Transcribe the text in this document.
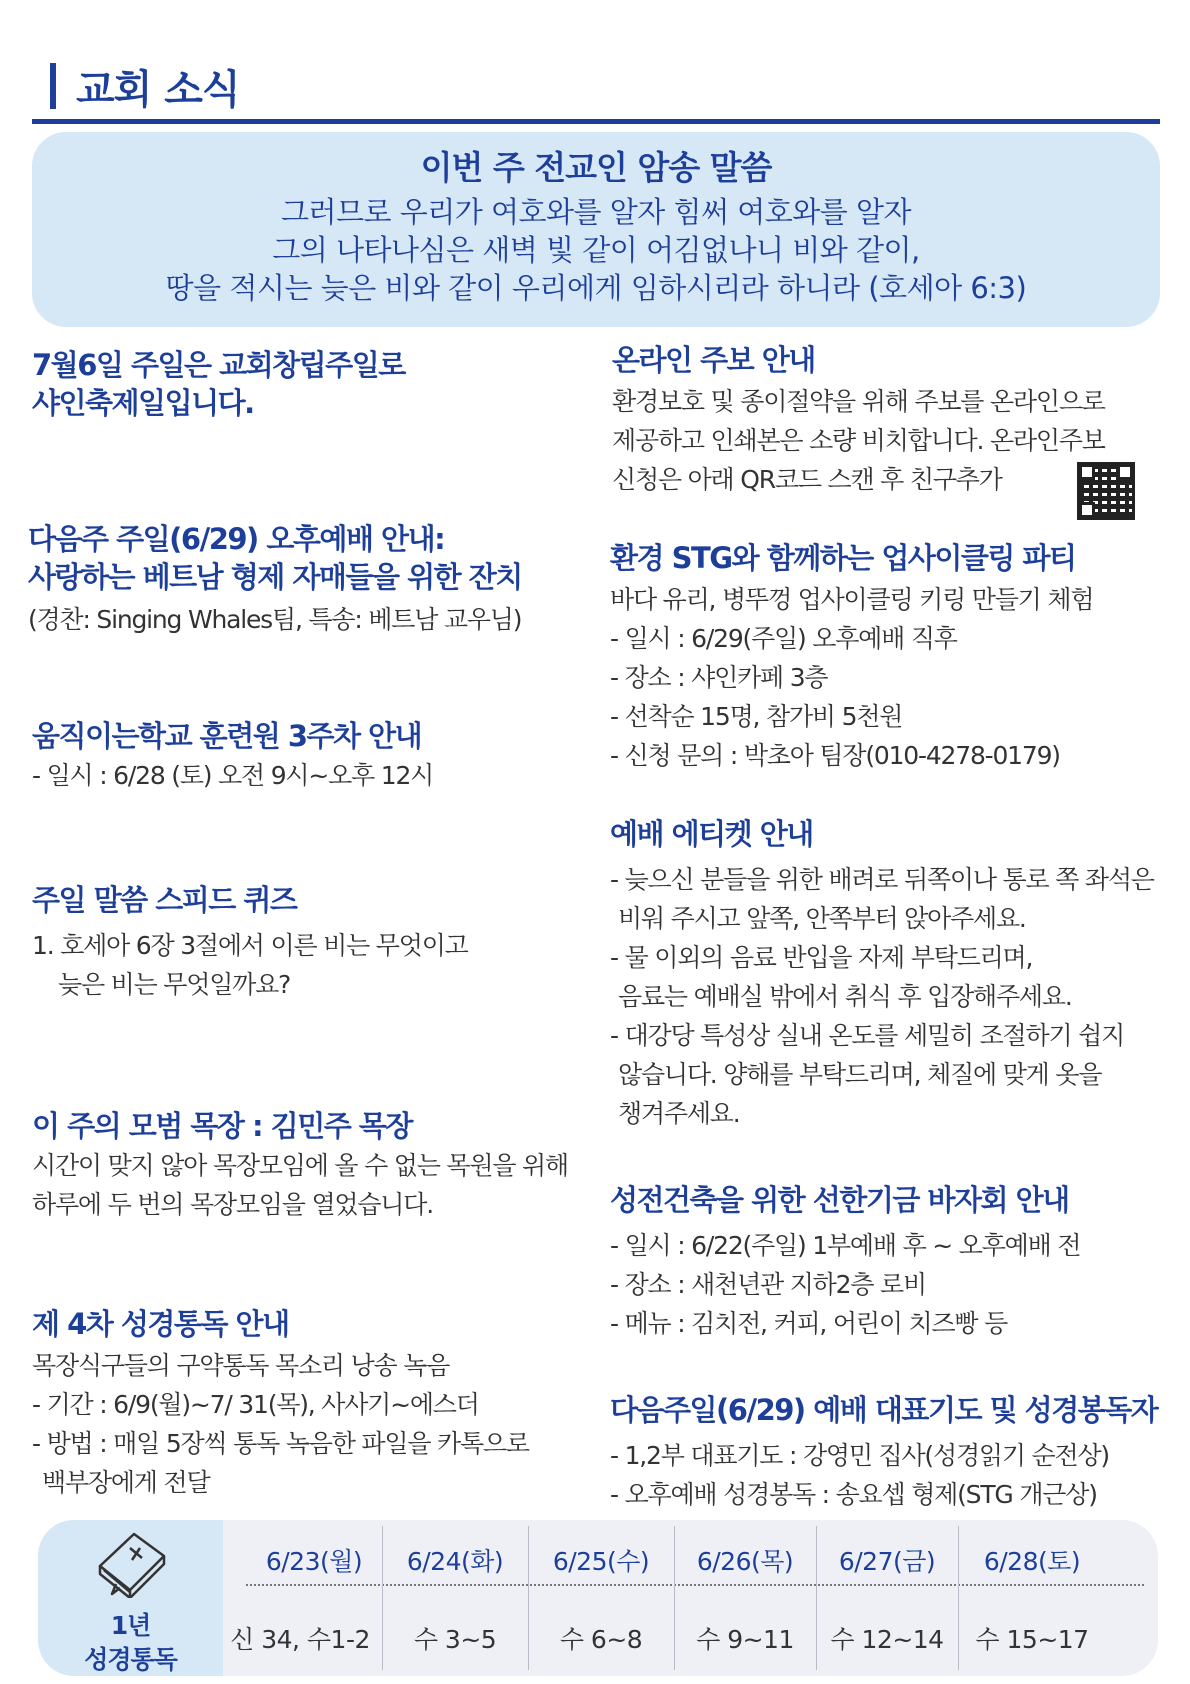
교회 소식
이번 주 전교인 암송 말씀
그러므로 우리가 여호와를 알자 힘써 여호와를 알자
그의 나타나심은 새벽 빛 같이 어김없나니 비와 같이,
땅을 적시는 늦은 비와 같이 우리에게 임하시리라 하니라 (호세아 6:3)
7월6일 주일은 교회창립주일로
샤인축제일입니다.
다음주 주일(6/29) 오후예배 안내:
사랑하는 베트남 형제 자매들을 위한 잔치
(경찬: Singing Whales팀, 특송: 베트남 교우님)
움직이는학교 훈련원 3주차 안내
- 일시 : 6/28 (토) 오전 9시~오후 12시
주일 말씀 스피드 퀴즈
1. 호세아 6장 3절에서 이른 비는 무엇이고
늦은 비는 무엇일까요?
이 주의 모범 목장 : 김민주 목장
시간이 맞지 않아 목장모임에 올 수 없는 목원을 위해
하루에 두 번의 목장모임을 열었습니다.
제 4차 성경통독 안내
목장식구들의 구약통독 목소리 낭송 녹음
- 기간 : 6/9(월)~7/ 31(목), 사사기~에스더
- 방법 : 매일 5장씩 통독 녹음한 파일을 카톡으로
백부장에게 전달
온라인 주보 안내
환경보호 및 종이절약을 위해 주보를 온라인으로
제공하고 인쇄본은 소량 비치합니다. 온라인주보
신청은 아래 QR코드 스캔 후 친구추가
환경 STG와 함께하는 업사이클링 파티
바다 유리, 병뚜껑 업사이클링 키링 만들기 체험
- 일시 : 6/29(주일) 오후예배 직후
- 장소 : 샤인카페 3층
- 선착순 15명, 참가비 5천원
- 신청 문의 : 박초아 팀장(010-4278-0179)
예배 에티켓 안내
- 늦으신 분들을 위한 배려로 뒤쪽이나 통로 쪽 좌석은
비워 주시고 앞쪽, 안쪽부터 앉아주세요.
- 물 이외의 음료 반입을 자제 부탁드리며,
음료는 예배실 밖에서 취식 후 입장해주세요.
- 대강당 특성상 실내 온도를 세밀히 조절하기 쉽지
않습니다. 양해를 부탁드리며, 체질에 맞게 옷을
챙겨주세요.
성전건축을 위한 선한기금 바자회 안내
- 일시 : 6/22(주일) 1부예배 후 ~ 오후예배 전
- 장소 : 새천년관 지하2층 로비
- 메뉴 : 김치전, 커피, 어린이 치즈빵 등
다음주일(6/29) 예배 대표기도 및 성경봉독자
- 1,2부 대표기도 : 강영민 집사(성경읽기 순전상)
- 오후예배 성경봉독 : 송요셉 형제(STG 개근상)
1년
성경통독
6/23(월)	6/24(화)	6/25(수)	6/26(목)	6/27(금)	6/28(토)
신 34, 수1-2	수 3~5	수 6~8	수 9~11	수 12~14	수 15~17
